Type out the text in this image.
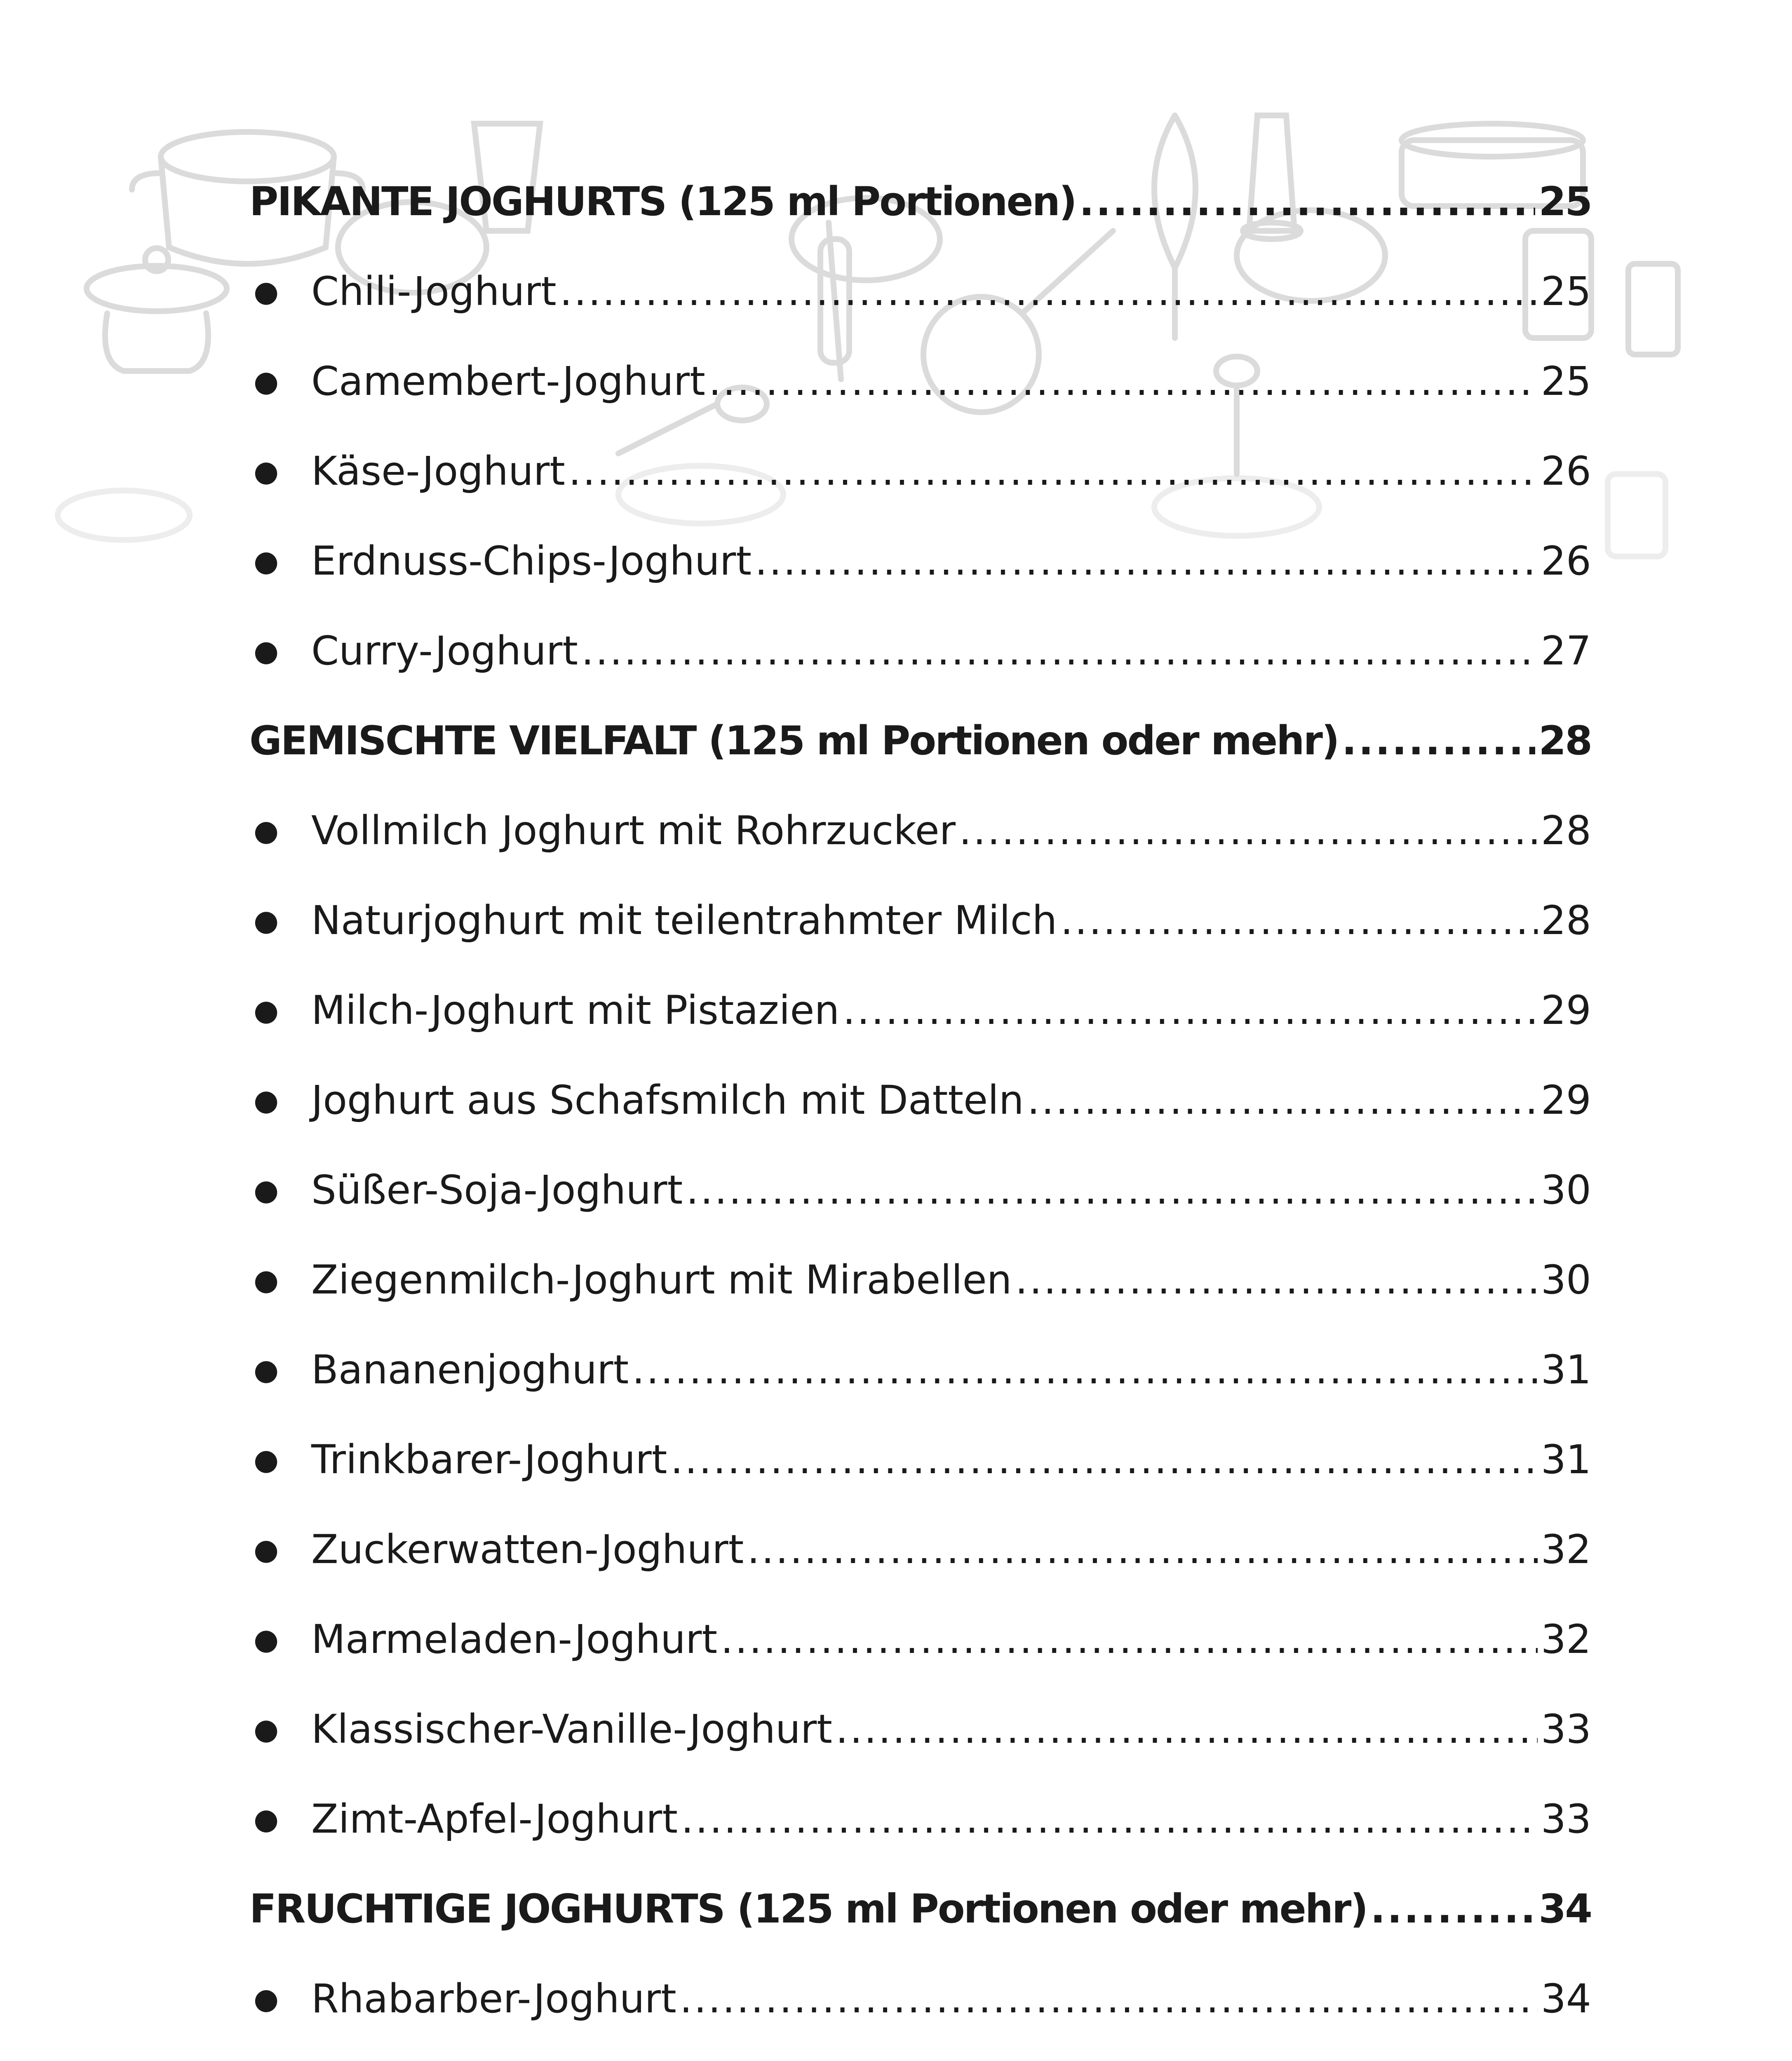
PIKANTE JOGHURTS (125 ml Portionen) .....	25
● Chili-Joghurt .....	25
● Camembert-Joghurt .....	25
● Käse-Joghurt .....	26
● Erdnuss-Chips-Joghurt .....	26
● Curry-Joghurt .....	27
GEMISCHTE VIELFALT (125 ml Portionen oder mehr) .....	28
● Vollmilch Joghurt mit Rohrzucker .....	28
● Naturjoghurt mit teilentrahmter Milch .....	28
● Milch-Joghurt mit Pistazien .....	29
● Joghurt aus Schafsmilch mit Datteln .....	29
● Süßer-Soja-Joghurt .....	30
● Ziegenmilch-Joghurt mit Mirabellen .....	30
● Bananenjoghurt .....	31
● Trinkbarer-Joghurt .....	31
● Zuckerwatten-Joghurt .....	32
● Marmeladen-Joghurt .....	32
● Klassischer-Vanille-Joghurt .....	33
● Zimt-Apfel-Joghurt .....	33
FRUCHTIGE JOGHURTS (125 ml Portionen oder mehr) .....	34
● Rhabarber-Joghurt .....	34
.....
